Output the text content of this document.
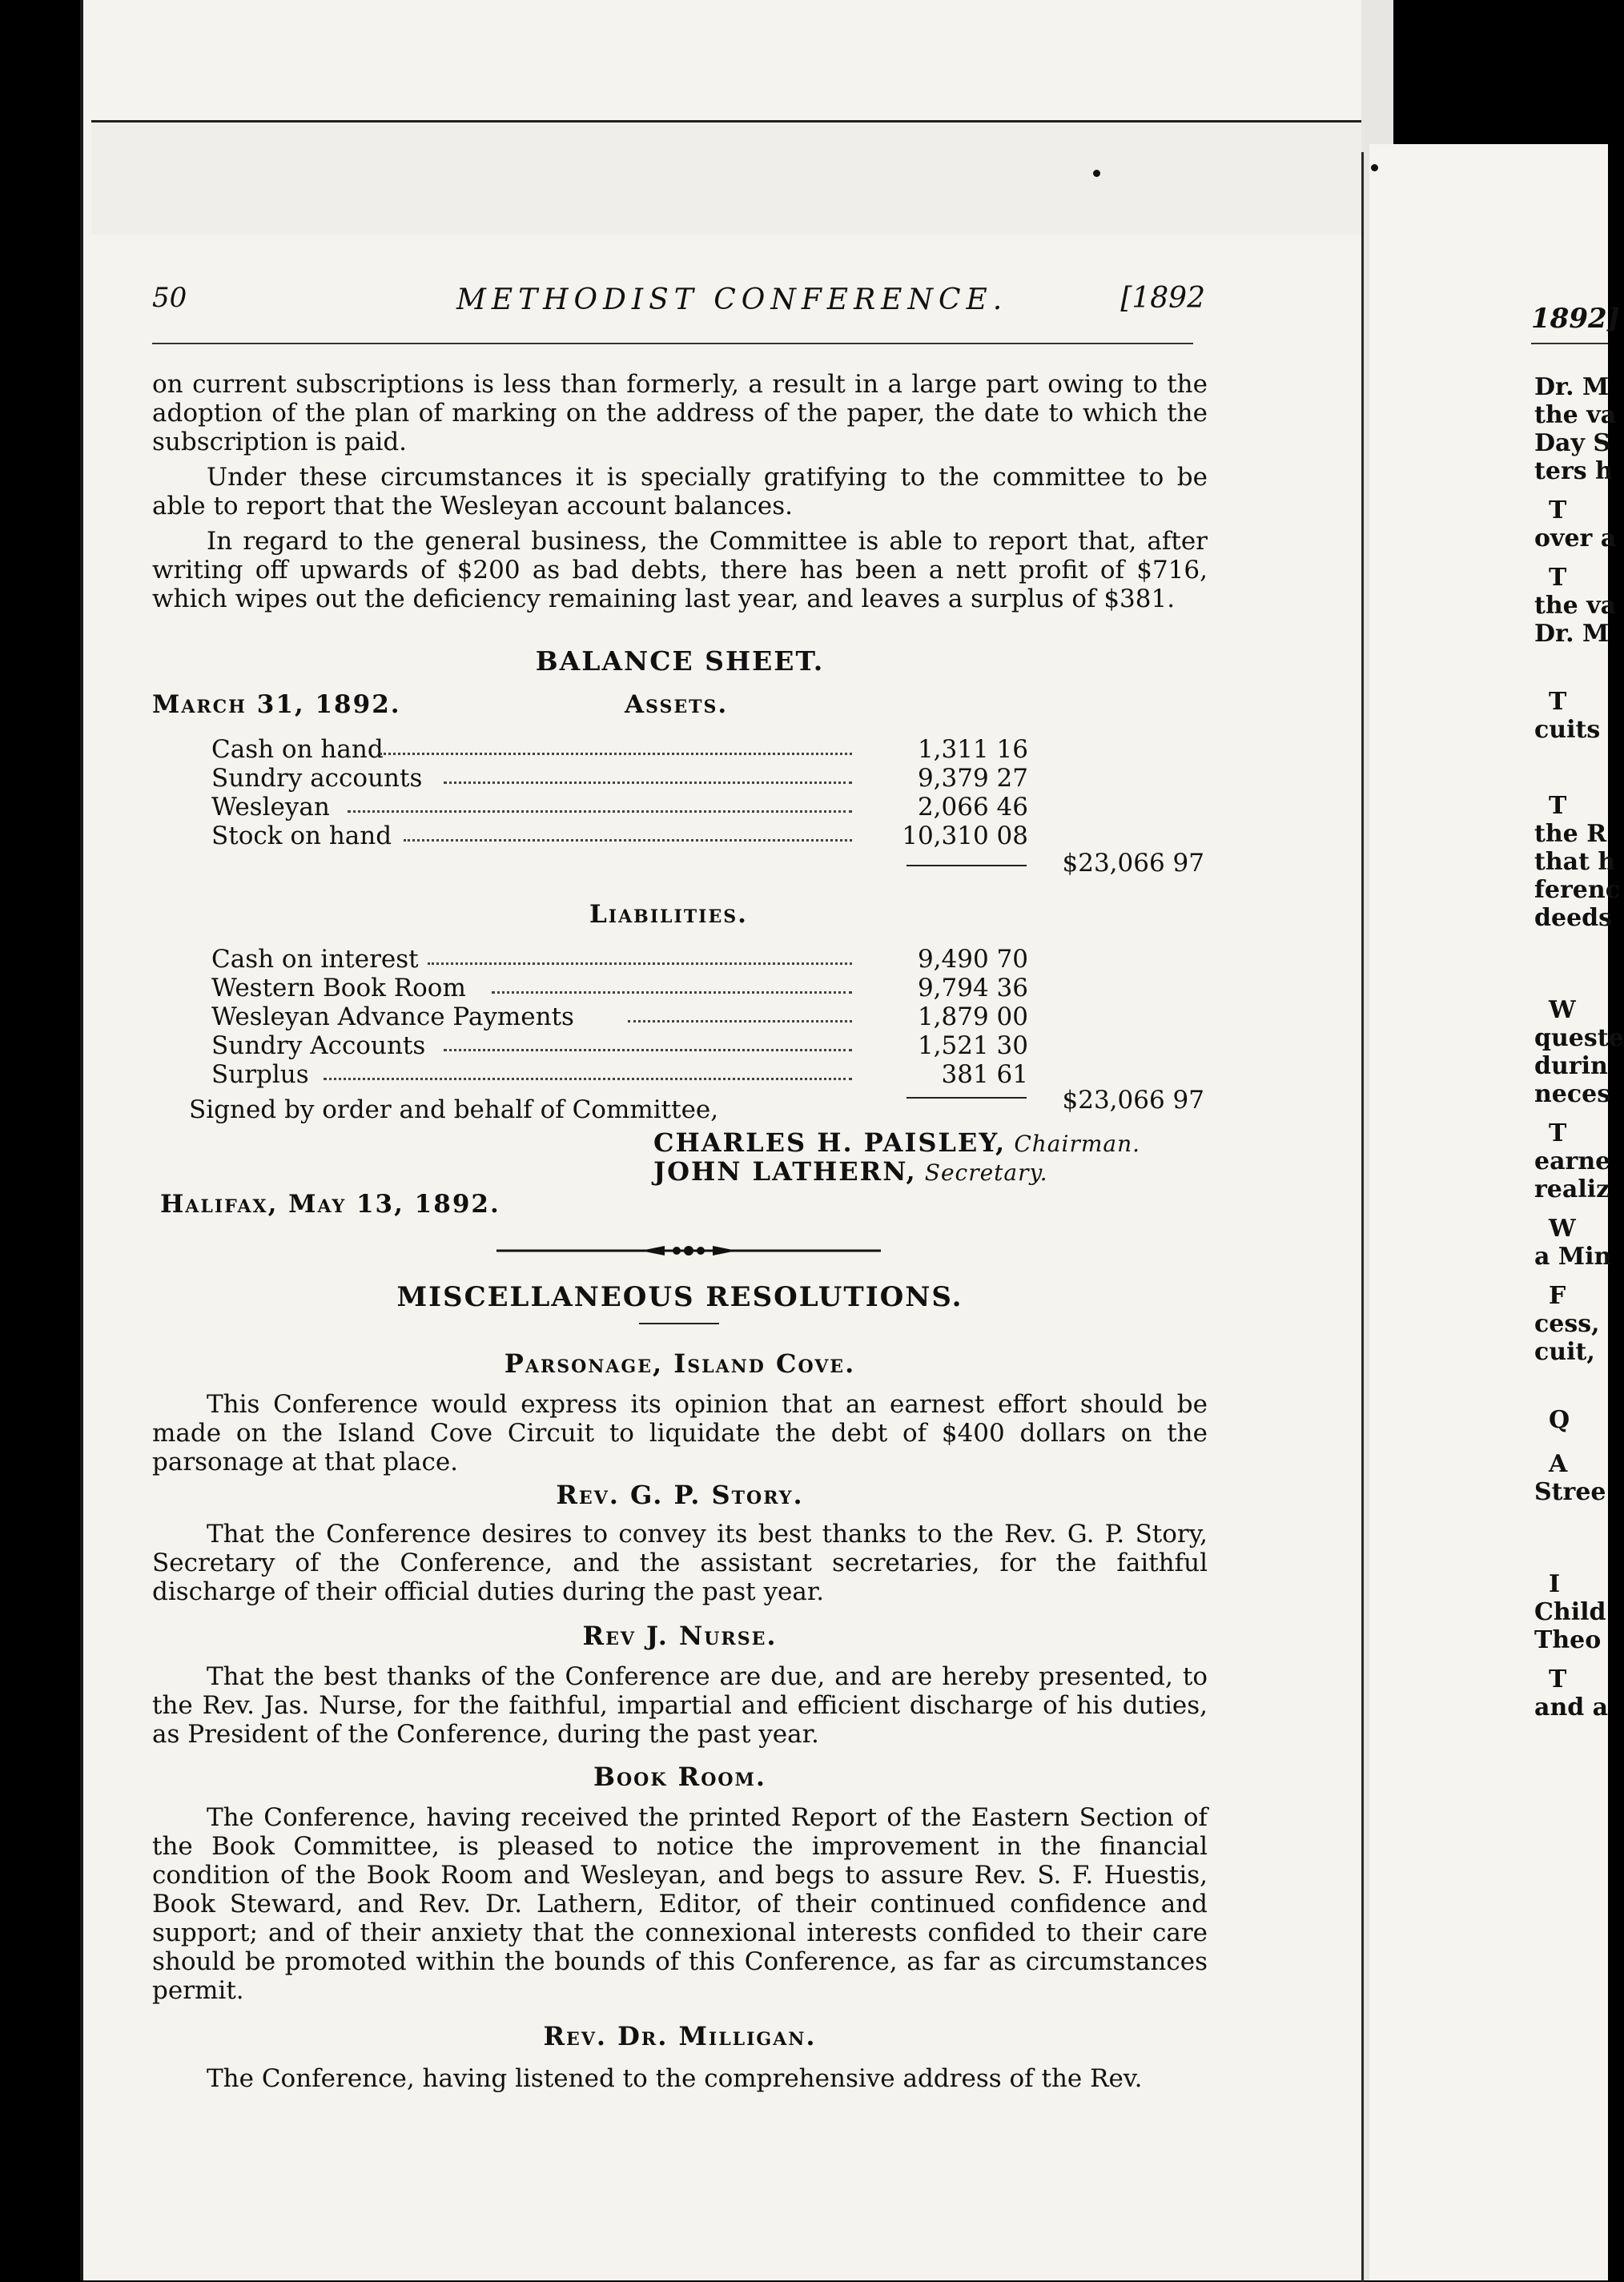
50	METHODIST CONFERENCE.	[1892

on current subscriptions is less than formerly, a result in a large part owing to the adoption of the plan of marking on the address of the paper, the date to which the subscription is paid.

Under these circumstances it is specially gratifying to the committee to be able to report that the Wesleyan account balances.

In regard to the general business, the Committee is able to report that, after writing off upwards of $200 as bad debts, there has been a nett profit of $716, which wipes out the deficiency remaining last year, and leaves a surplus of $381.

BALANCE SHEET.
March 31, 1892.	Assets.
Cash on hand	1,311 16
Sundry accounts	9,379 27
Wesleyan	2,066 46
Stock on hand	10,310 08
$23,066 97
Liabilities.
Cash on interest	9,490 70
Western Book Room	9,794 36
Wesleyan Advance Payments	1,879 00
Sundry Accounts	1,521 30
Surplus	381 61
$23,066 97
Signed by order and behalf of Committee,
CHARLES H. PAISLEY, Chairman.
JOHN LATHERN, Secretary.
Halifax, May 13, 1892.
MISCELLANEOUS RESOLUTIONS.
Parsonage, Island Cove.

This Conference would express its opinion that an earnest effort should be made on the Island Cove Circuit to liquidate the debt of $400 dollars on the parsonage at that place.

Rev. G. P. Story.

That the Conference desires to convey its best thanks to the Rev. G. P. Story, Secretary of the Conference, and the assistant secretaries, for the faithful discharge of their official duties during the past year.

Rev J. Nurse.

That the best thanks of the Conference are due, and are hereby presented, to the Rev. Jas. Nurse, for the faithful, impartial and efficient discharge of his duties, as President of the Conference, during the past year.

Book Room.

The Conference, having received the printed Report of the Eastern Section of the Book Committee, is pleased to notice the improvement in the financial condition of the Book Room and Wesleyan, and begs to assure Rev. S. F. Huestis, Book Steward, and Rev. Dr. Lathern, Editor, of their continued confidence and support; and of their anxiety that the connexional interests confided to their care should be promoted within the bounds of this Conference, as far as circumstances permit.

Rev. Dr. Milligan.

The Conference, having listened to the comprehensive address of the Rev.

1892]
Dr. M
the va
Day S
ters h
T
over a
T
the va
Dr. M
T
cuits
T
the R
that h
ferenc
deeds
W
queste
durin
neces
T
earne
realiz
W
a Min
F
cess,
cuit,
Q
A
Stree
I
Child
Theo
T
and a
